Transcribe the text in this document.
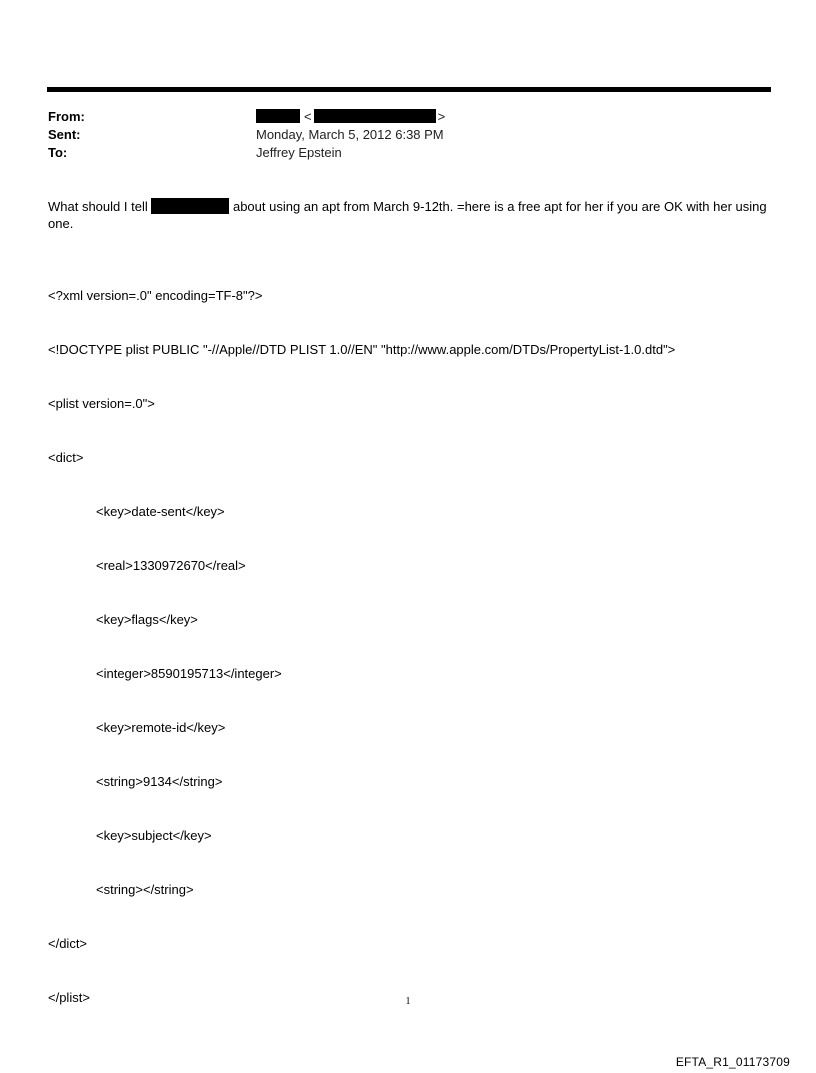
From:	<	>
Sent:	Monday, March 5, 2012 6:38 PM
To:	Jeffrey Epstein
What should I tell	about using an apt from March 9-12th. =here is a free apt for her if you are OK with her using one.

<?xml version=.0" encoding=TF-8"?>

<!DOCTYPE plist PUBLIC "-//Apple//DTD PLIST 1.0//EN" "http://www.apple.com/DTDs/PropertyList-1.0.dtd">

<plist version=.0">

<dict>

<key>date-sent</key>

<real>1330972670</real>

<key>flags</key>

<integer>8590195713</integer>

<key>remote-id</key>

<string>9134</string>

<key>subject</key>

<string></string>

</dict>

</plist>	1
EFTA_R1_01173709
